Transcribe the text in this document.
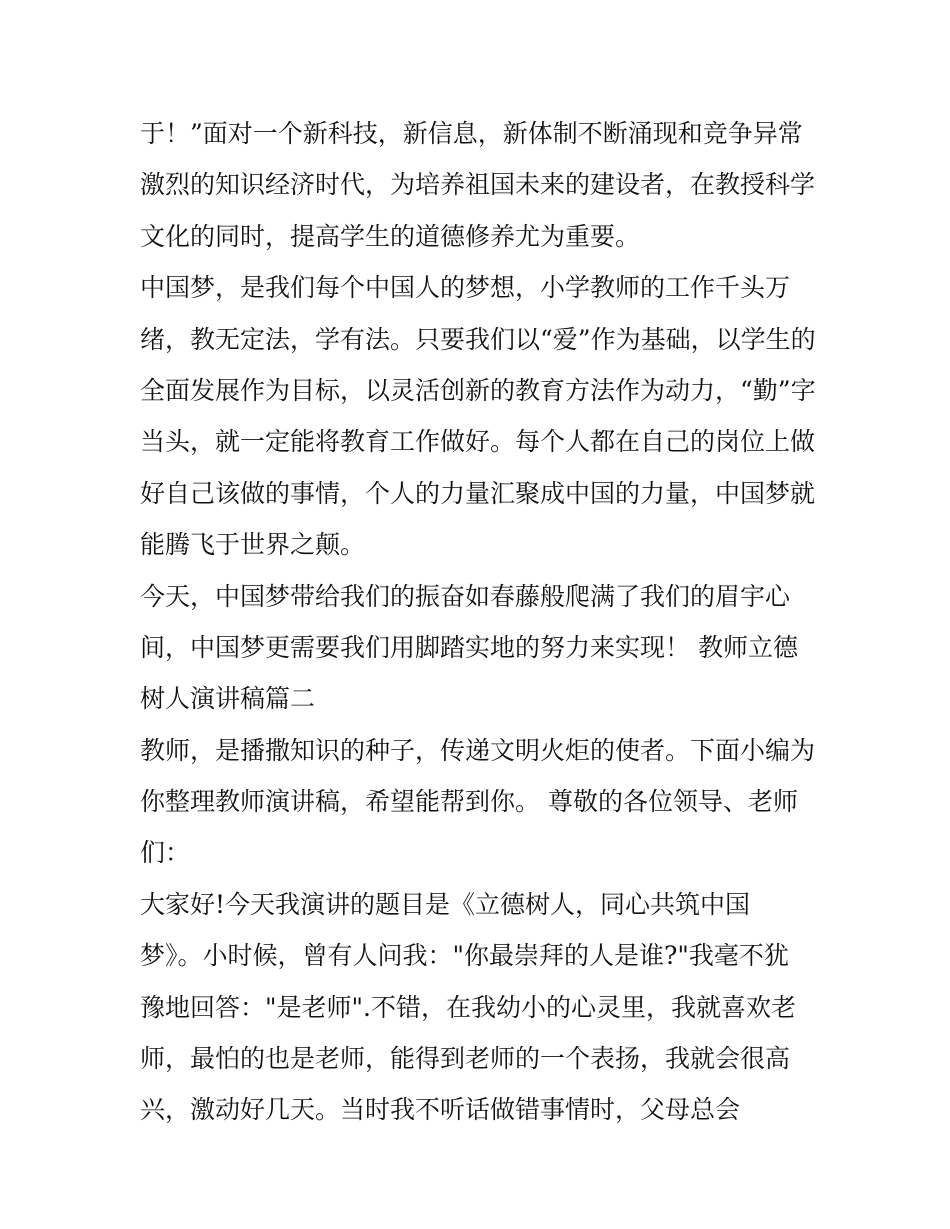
于！”面对一个新科技，新信息，新体制不断涌现和竞争异常
激烈的知识经济时代，为培养祖国未来的建设者，在教授科学
文化的同时，提高学生的道德修养尤为重要。
中国梦，是我们每个中国人的梦想，小学教师的工作千头万
绪，教无定法，学有法。只要我们以“爱”作为基础，以学生的
全面发展作为目标，以灵活创新的教育方法作为动力，“勤”字
当头，就一定能将教育工作做好。每个人都在自己的岗位上做
好自己该做的事情，个人的力量汇聚成中国的力量，中国梦就
能腾飞于世界之颠。
今天，中国梦带给我们的振奋如春藤般爬满了我们的眉宇心
间，中国梦更需要我们用脚踏实地的努力来实现！ 教师立德
树人演讲稿篇二
教师，是播撒知识的种子，传递文明火炬的使者。下面小编为
你整理教师演讲稿，希望能帮到你。 尊敬的各位领导、老师
们：
大家好!今天我演讲的题目是《立德树人，同心共筑中国
梦》。小时候，曾有人问我："你最崇拜的人是谁?"我毫不犹
豫地回答："是老师".不错，在我幼小的心灵里，我就喜欢老
师，最怕的也是老师，能得到老师的一个表扬，我就会很高
兴，激动好几天。当时我不听话做错事情时，父母总会
